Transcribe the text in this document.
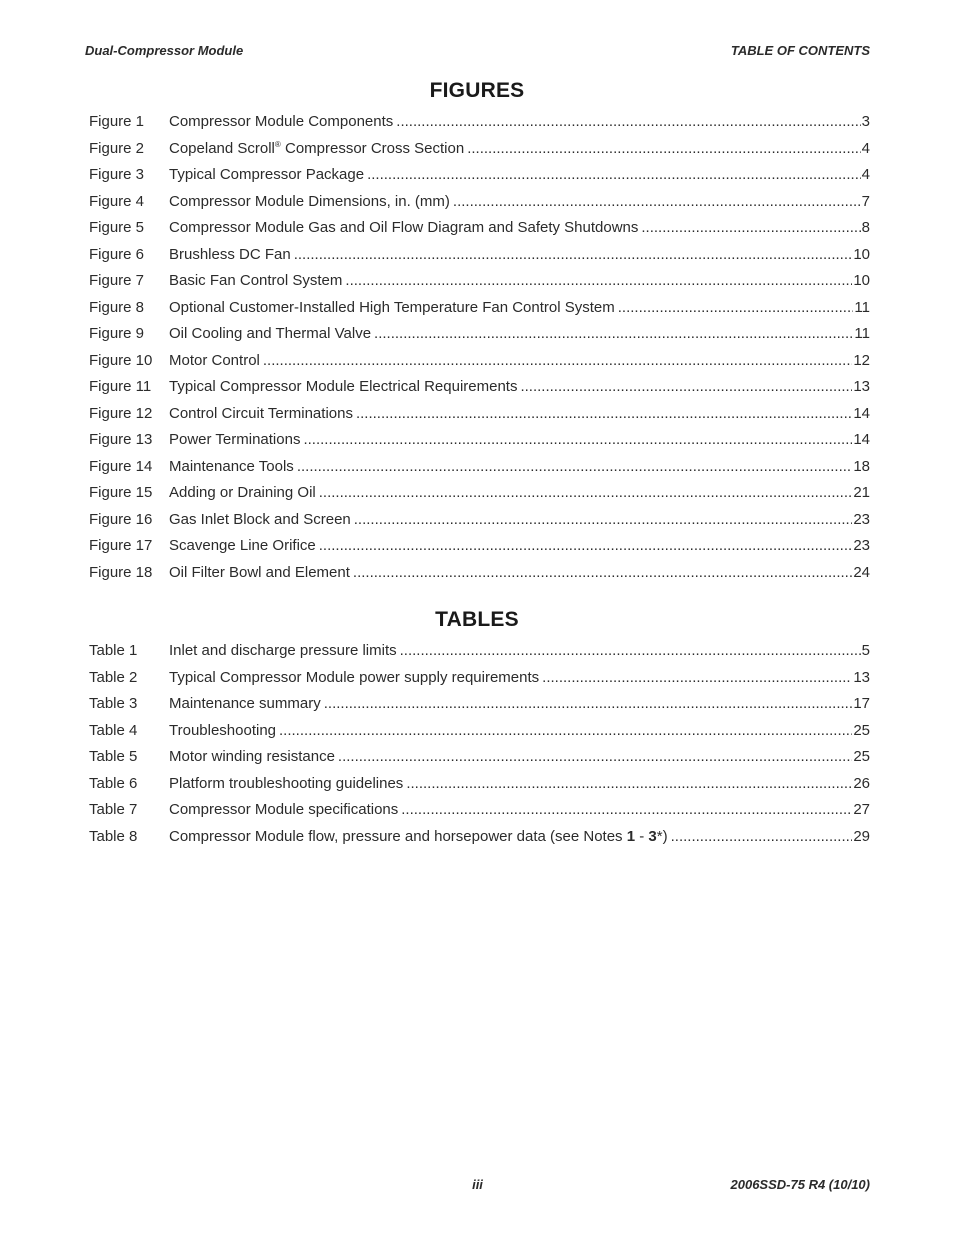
Dual-Compressor Module	TABLE OF CONTENTS
FIGURES
Figure 1	Compressor Module Components .....	3
Figure 2	Copeland Scroll® Compressor Cross Section .....	4
Figure 3	Typical Compressor Package .....	4
Figure 4	Compressor Module Dimensions, in. (mm) .....	7
Figure 5	Compressor Module Gas and Oil Flow Diagram and Safety Shutdowns .....	8
Figure 6	Brushless DC Fan .....	10
Figure 7	Basic Fan Control System .....	10
Figure 8	Optional Customer-Installed High Temperature Fan Control System .....	11
Figure 9	Oil Cooling and Thermal Valve .....	11
Figure 10	Motor Control .....	12
Figure 11	Typical Compressor Module Electrical Requirements .....	13
Figure 12	Control Circuit Terminations .....	14
Figure 13	Power Terminations .....	14
Figure 14	Maintenance Tools .....	18
Figure 15	Adding or Draining Oil .....	21
Figure 16	Gas Inlet Block and Screen .....	23
Figure 17	Scavenge Line Orifice .....	23
Figure 18	Oil Filter Bowl and Element .....	24
TABLES
Table 1	Inlet and discharge pressure limits .....	5
Table 2	Typical Compressor Module power supply requirements .....	13
Table 3	Maintenance summary .....	17
Table 4	Troubleshooting .....	25
Table 5	Motor winding resistance .....	25
Table 6	Platform troubleshooting guidelines .....	26
Table 7	Compressor Module specifications .....	27
Table 8	Compressor Module flow, pressure and horsepower data (see Notes 1 - 3*) .....	29
iii	2006SSD-75 R4 (10/10)
